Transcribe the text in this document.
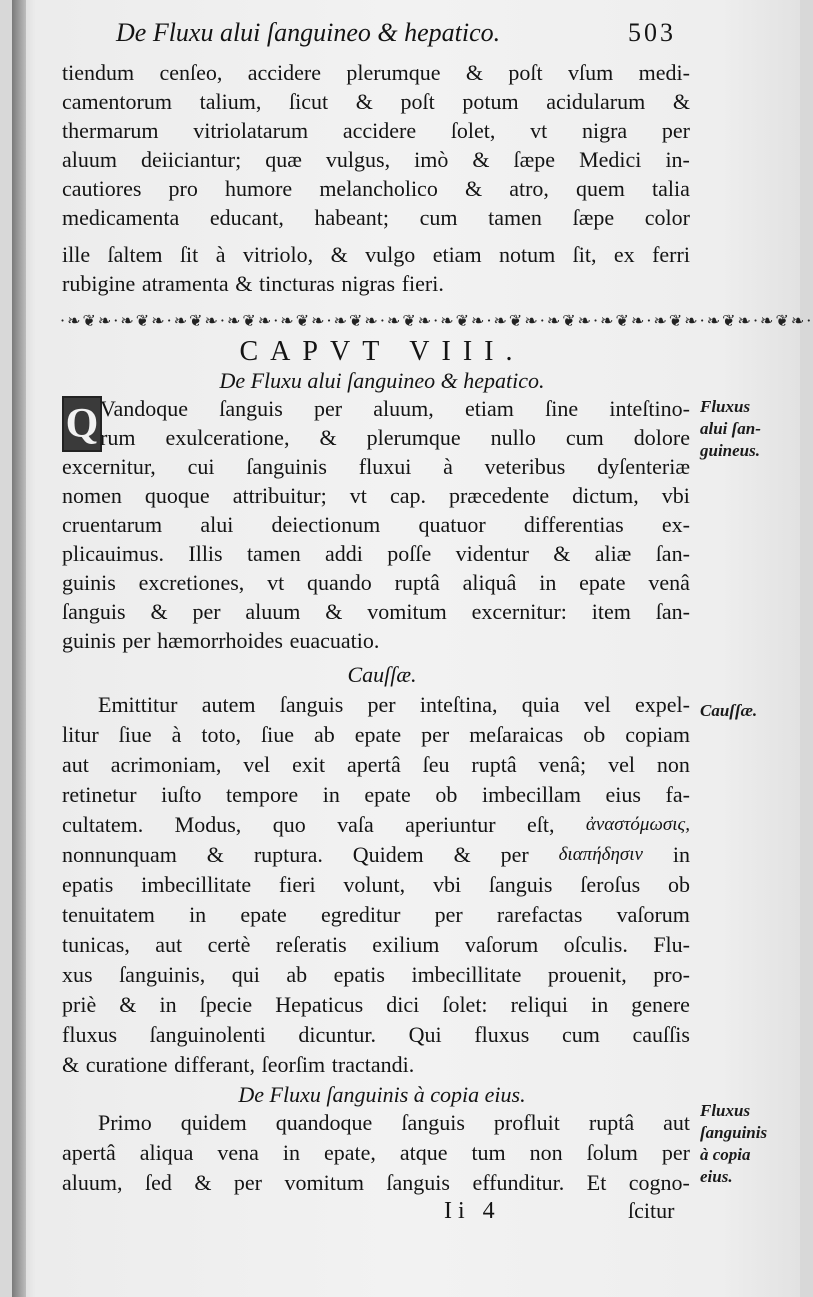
De Fluxu alui ſanguineo & hepatico.	503
tiendum cenſeo, accidere plerumque & poſt vſum medi-
camentorum talium, ſicut & poſt potum acidularum &
thermarum vitriolatarum accidere ſolet, vt nigra per
aluum deiiciantur; quæ vulgus, imò & ſæpe Medici in-
cautiores pro humore melancholico & atro, quem talia
medicamenta educant, habeant; cum tamen ſæpe color
ille ſaltem ſit à vitriolo, & vulgo etiam notum ſit, ex ferri
rubigine atramenta & tincturas nigras fieri.
·❧❦❧·❧❦❧·❧❦❧·❧❦❧·❧❦❧·❧❦❧·❧❦❧·❧❦❧·❧❦❧·❧❦❧·❧❦❧·❧❦❧·❧❦❧·❧❦❧·
CAPVT VIII.
De Fluxu alui ſanguineo & hepatico.
Q Vandoque ſanguis per aluum, etiam ſine inteſtino-
rum exulceratione, & plerumque nullo cum dolore
excernitur, cui ſanguinis fluxui à veteribus dyſenteriæ
nomen quoque attribuitur; vt cap. præcedente dictum, vbi
cruentarum alui deiectionum quatuor differentias ex-
plicauimus. Illis tamen addi poſſe videntur & aliæ ſan-
guinis excretiones, vt quando ruptâ aliquâ in epate venâ
ſanguis & per aluum & vomitum excernitur: item ſan-
guinis per hæmorrhoides euacuatio.
Cauſſæ.
Emittitur autem ſanguis per inteſtina, quia vel expel-
litur ſiue à toto, ſiue ab epate per meſaraicas ob copiam
aut acrimoniam, vel exit apertâ ſeu ruptâ venâ; vel non
retinetur iuſto tempore in epate ob imbecillam eius fa-
cultatem. Modus, quo vaſa aperiuntur eſt, ἀναστόμωσις,
nonnunquam & ruptura. Quidem & per διαπήδησιν in
epatis imbecillitate fieri volunt, vbi ſanguis ſeroſus ob
tenuitatem in epate egreditur per rarefactas vaſorum
tunicas, aut certè reſeratis exilium vaſorum oſculis. Flu-
xus ſanguinis, qui ab epatis imbecillitate prouenit, pro-
priè & in ſpecie Hepaticus dici ſolet: reliqui in genere
fluxus ſanguinolenti dicuntur. Qui fluxus cum cauſſis
& curatione differant, ſeorſim tractandi.
De Fluxu ſanguinis à copia eius.
Primo quidem quandoque ſanguis profluit ruptâ aut
apertâ aliqua vena in epate, atque tum non ſolum per
aluum, ſed & per vomitum ſanguis effunditur. Et cogno-
Ii 4	ſcitur
Fluxus
alui ſan-
guineus.
Cauſſæ.
Fluxus
ſanguinis
à copia
eius.
